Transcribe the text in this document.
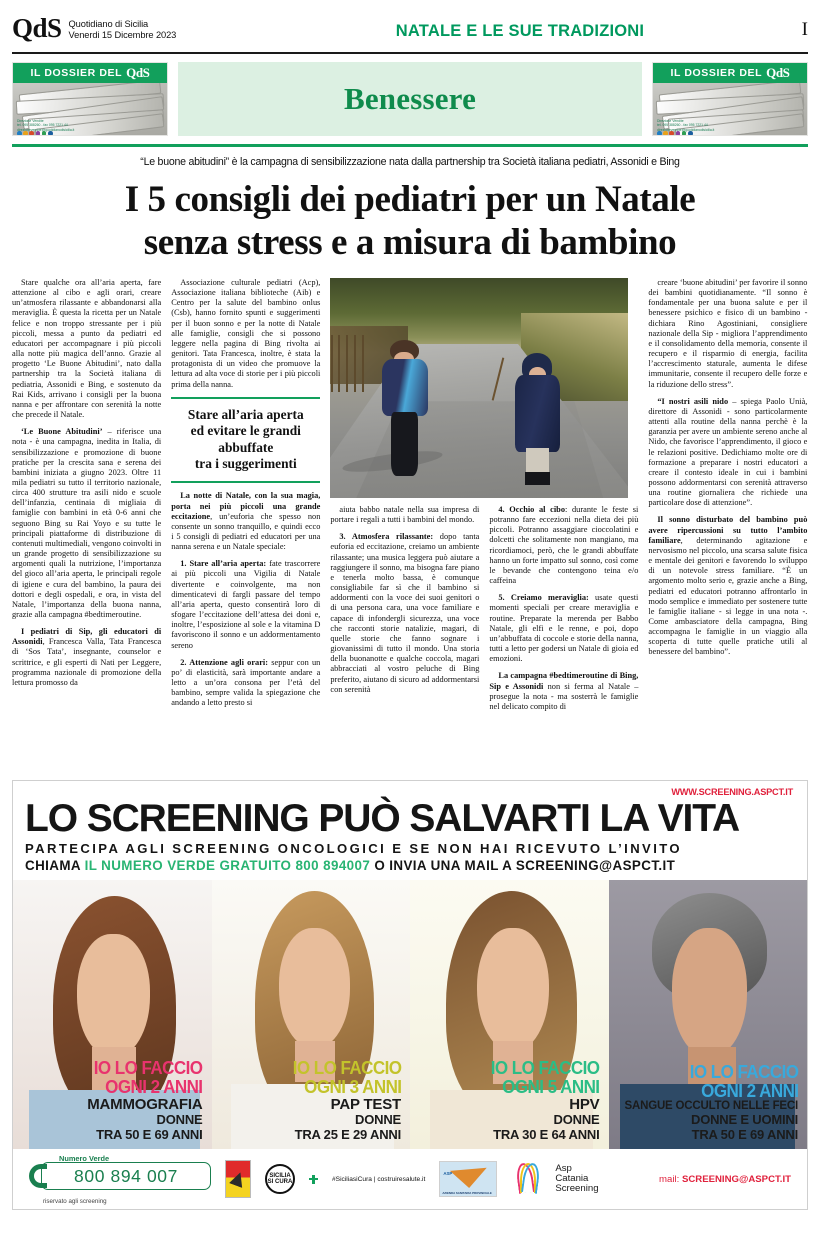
QdS Quotidiano di Sicilia
Venerdi 15 Dicembre 2023	NATALE E LE SUE TRADIZIONI	I
IL DOSSIER DEL QdS
Direzione Vendite
tel. 095 388260 - fax 095 7221 44
direzionevendite@quotidianodisicilia.it
Benessere
IL DOSSIER DEL QdS
Direzione Vendite
tel. 095 388260 - fax 095 7221 44
direzionevendite@quotidianodisicilia.it
“Le buone abitudini” è la campagna di sensibilizzazione nata dalla partnership tra Società italiana pediatri, Assonidi e Bing
I 5 consigli dei pediatri per un Natale
senza stress e a misura di bambino
Stare qualche ora all’aria aperta, fare attenzione al cibo e agli orari, creare un’atmosfera rilassante e abbandonarsi alla meraviglia. È questa la ricetta per un Natale felice e non troppo stressante per i più piccoli, messa a punto da pediatri ed educatori per accompagnare i più piccoli alla notte più magica dell’anno. Grazie al progetto ‘Le Buone Abitudini’, nato dalla partnership tra la Società italiana di pediatria, Assonidi e Bing, e sostenuto da Rai Kids, arrivano i consigli per la buona nanna e per affrontare con serenità la notte che precede il Natale.
‘Le Buone Abitudini’ – riferisce una nota - è una campagna, inedita in Italia, di sensibilizzazione e promozione di buone pratiche per la crescita sana e serena dei bambini iniziata a giugno 2023. Oltre 11 mila pediatri su tutto il territorio nazionale, circa 400 strutture tra asili nido e scuole dell’infanzia, centinaia di migliaia di famiglie con bambini in età 0-6 anni che seguono Bing su Rai Yoyo e su tutte le principali piattaforme di distribuzione di contenuti multimediali, vengono coinvolti in un grande progetto di sensibilizzazione su argomenti quali la nutrizione, l’importanza del gioco all’aria aperta, le principali regole di igiene e cura del bambino, la paura dei dottori e degli ospedali, e ora, in vista del Natale, l’importanza della buona nanna, grazie alla campagna #bedtimeroutine.
I pediatri di Sip, gli educatori di Assonidi, Francesca Valla, Tata Francesca di ‘Sos Tata’, insegnante, counselor e scrittrice, e gli esperti di Nati per Leggere, programma nazionale di promozione della lettura promosso da
Associazione culturale pediatri (Acp), Associazione italiana biblioteche (Aib) e Centro per la salute del bambino onlus (Csb), hanno fornito spunti e suggerimenti per il buon sonno e per la notte di Natale alle famiglie, consigli che si possono leggere nella pagina di Bing rivolta ai genitori. Tata Francesca, inoltre, è stata la protagonista di un video che promuove la lettura ad alta voce di storie per i più piccoli prima della nanna.
Stare all’aria aperta
ed evitare le grandi
abbuffate
tra i suggerimenti
La notte di Natale, con la sua magia, porta nei più piccoli una grande eccitazione, un’euforia che spesso non consente un sonno tranquillo, e quindi ecco i 5 consigli di pediatri ed educatori per una nanna serena e un Natale speciale:
1. Stare all’aria aperta: fate trascorrere ai più piccoli una Vigilia di Natale divertente e coinvolgente, ma non dimenticatevi di fargli passare del tempo all’aria aperta, questo consentirà loro di sfogare l’eccitazione dell’attesa dei doni e, inoltre, l’esposizione al sole e la vitamina D favoriscono il sonno e un addormentamento sereno
2. Attenzione agli orari: seppur con un po’ di elasticità, sarà importante andare a letto a un’ora consona per l’età del bambino, sempre valida la spiegazione che andando a letto presto si
aiuta babbo natale nella sua impresa di portare i regali a tutti i bambini del mondo.
3. Atmosfera rilassante: dopo tanta euforia ed eccitazione, creiamo un ambiente rilassante; una musica leggera può aiutare a raggiungere il sonno, ma bisogna fare piano e tenerla molto bassa, è comunque consigliabile far sì che il bambino si addormenti con la voce dei suoi genitori o di una persona cara, una voce familiare e capace di infondergli sicurezza, una voce che racconti storie natalizie, magari, di quelle storie che fanno sognare i giovanissimi di tutto il mondo. Una storia della buonanotte e qualche coccola, magari abbracciati al vostro peluche di Bing preferito, aiutano di sicuro ad addormentarsi con serenità
4. Occhio al cibo: durante le feste si potranno fare eccezioni nella dieta dei più piccoli. Potranno assaggiare cioccolatini e dolcetti che solitamente non mangiano, ma ricordiamoci, però, che le grandi abbuffate hanno un forte impatto sul sonno, così come le bevande che contengono teina e/o caffeina
5. Creiamo meraviglia: usate questi momenti speciali per creare meraviglia e routine. Preparate la merenda per Babbo Natale, gli elfi e le renne, e poi, dopo un’abbuffata di coccole e storie della nanna, tutti a letto per godersi un Natale di gioia ed emozioni.
La campagna #bedtimeroutine di Bing, Sip e Assonidi non si ferma al Natale – prosegue la nota - ma sosterrà le famiglie nel delicato compito di
creare ‘buone abitudini’ per favorire il sonno dei bambini quotidianamente. “Il sonno è fondamentale per una buona salute e per il benessere psichico e fisico di un bambino - dichiara Rino Agostiniani, consigliere nazionale della Sip - migliora l’apprendimento e il consolidamento della memoria, consente il recupero e il risparmio di energia, facilita l’accrescimento staturale, aumenta le difese immunitarie, consente il recupero delle forze e la riduzione dello stress”.
“I nostri asili nido – spiega Paolo Unià, direttore di Assonidi - sono particolarmente attenti alla routine della nanna perchè è la garanzia per avere un ambiente sereno anche al Nido, che favorisce l’apprendimento, il gioco e le relazioni positive. Dedichiamo molte ore di formazione a preparare i nostri educatori a creare il contesto ideale in cui i bambini possono addormentarsi con serenità attraverso una routine giornaliera che richiede una particolare dose di attenzione”.
Il sonno disturbato del bambino può avere ripercussioni su tutto l’ambito familiare, determinando agitazione e nervosismo nel piccolo, una scarsa salute fisica e mentale dei genitori e favorendo lo sviluppo di un notevole stress familiare. “È un argomento molto serio e, grazie anche a Bing, pediatri ed educatori potranno affrontarlo in modo semplice e immediato per sostenere tutte le famiglie italiane - si legge in una nota -. Come ambasciatore della campagna, Bing accompagna le famiglie in un viaggio alla scoperta di tutte quelle pratiche utili al benessere del bambino”.
WWW.SCREENING.ASPCT.IT
LO SCREENING PUÒ SALVARTI LA VITA
PARTECIPA AGLI SCREENING ONCOLOGICI E SE NON HAI RICEVUTO L’INVITO
CHIAMA IL NUMERO VERDE GRATUITO 800 894007 O INVIA UNA MAIL A SCREENING@ASPCT.IT
IO LO FACCIO
OGNI 2 ANNI
MAMMOGRAFIA
DONNE
TRA 50 E 69 ANNI
IO LO FACCIO
OGNI 3 ANNI
PAP TEST
DONNE
TRA 25 E 29 ANNI
IO LO FACCIO
OGNI 5 ANNI
HPV
DONNE
TRA 30 E 64 ANNI
IO LO FACCIO
OGNI 2 ANNI
SANGUE OCCULTO NELLE FECI
DONNE E UOMINI
TRA 50 E 69 ANNI
Numero Verde
800 894 007
riservato agli screening
SICILIA
SI CURA	#SiciliasiCura | costruiresalute.it
ASP
AZIENDA SANITARIA PROVINCIALE
Asp
Catania
Screening
mail: SCREENING@ASPCT.IT
